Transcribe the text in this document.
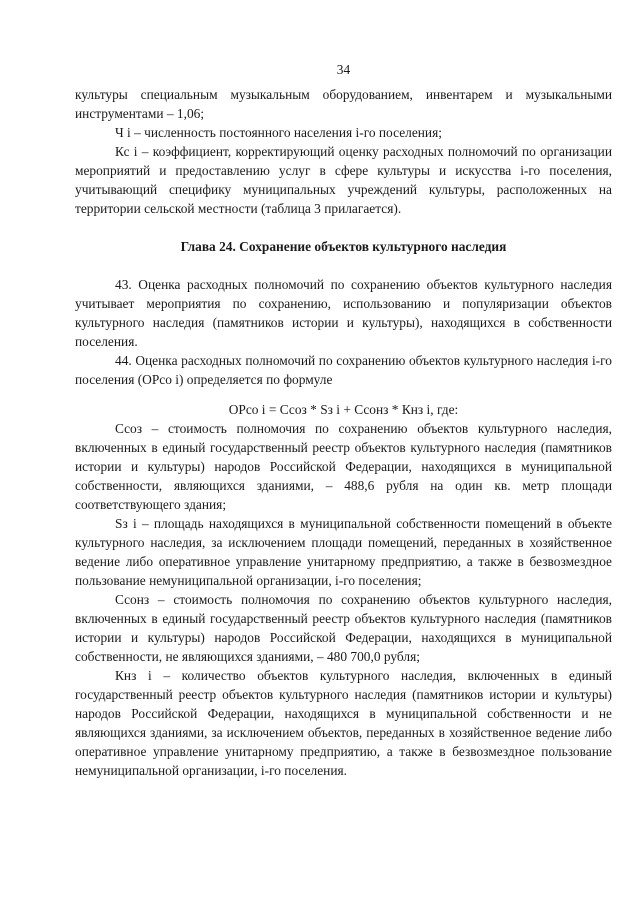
34

культуры специальным музыкальным оборудованием, инвентарем и музыкальными инструментами – 1,06;

Ч i – численность постоянного населения i-го поселения;

Кс i – коэффициент, корректирующий оценку расходных полномочий по организации мероприятий и предоставлению услуг в сфере культуры и искусства i-го поселения, учитывающий специфику муниципальных учреждений культуры, расположенных на территории сельской местности (таблица 3 прилагается).

Глава 24. Сохранение объектов культурного наследия

43. Оценка расходных полномочий по сохранению объектов культурного наследия учитывает мероприятия по сохранению, использованию и популяризации объектов культурного наследия (памятников истории и культуры), находящихся в собственности поселения.

44. Оценка расходных полномочий по сохранению объектов культурного наследия i-го поселения (ОРсо i) определяется по формуле

ОРсо i = Ссоз * Sз i + Ссонз * Кнз i, где:

Ссоз – стоимость полномочия по сохранению объектов культурного наследия, включенных в единый государственный реестр объектов культурного наследия (памятников истории и культуры) народов Российской Федерации, находящихся в муниципальной собственности, являющихся зданиями, – 488,6 рубля на один кв. метр площади соответствующего здания;

Sз i – площадь находящихся в муниципальной собственности помещений в объекте культурного наследия, за исключением площади помещений, переданных в хозяйственное ведение либо оперативное управление унитарному предприятию, а также в безвозмездное пользование немуниципальной организации, i-го поселения;

Ссонз – стоимость полномочия по сохранению объектов культурного наследия, включенных в единый государственный реестр объектов культурного наследия (памятников истории и культуры) народов Российской Федерации, находящихся в муниципальной собственности, не являющихся зданиями, – 480 700,0 рубля;

Кнз i – количество объектов культурного наследия, включенных в единый государственный реестр объектов культурного наследия (памятников истории и культуры) народов Российской Федерации, находящихся в муниципальной собственности и не являющихся зданиями, за исключением объектов, переданных в хозяйственное ведение либо оперативное управление унитарному предприятию, а также в безвозмездное пользование немуниципальной организации, i-го поселения.
